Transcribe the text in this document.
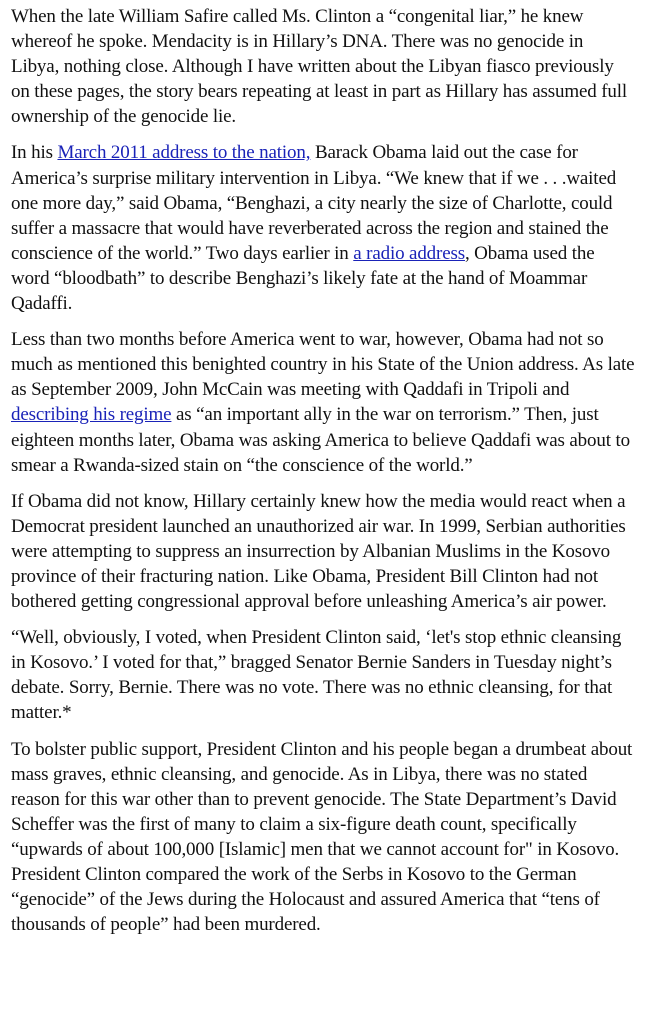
When the late William Safire called Ms. Clinton a “congenital liar,” he knew whereof he spoke. Mendacity is in Hillary’s DNA. There was no genocide in Libya, nothing close. Although I have written about the Libyan fiasco previously on these pages, the story bears repeating at least in part as Hillary has assumed full ownership of the genocide lie.

In his March 2011 address to the nation, Barack Obama laid out the case for America’s surprise military intervention in Libya. “We knew that if we . . .waited one more day,” said Obama, “Benghazi, a city nearly the size of Charlotte, could suffer a massacre that would have reverberated across the region and stained the conscience of the world.” Two days earlier in a radio address, Obama used the word “bloodbath” to describe Benghazi’s likely fate at the hand of Moammar Qadaffi.

Less than two months before America went to war, however, Obama had not so much as mentioned this benighted country in his State of the Union address. As late as September 2009, John McCain was meeting with Qaddafi in Tripoli and describing his regime as “an important ally in the war on terrorism.” Then, just eighteen months later, Obama was asking America to believe Qaddafi was about to smear a Rwanda-sized stain on “the conscience of the world.”

If Obama did not know, Hillary certainly knew how the media would react when a Democrat president launched an unauthorized air war. In 1999, Serbian authorities were attempting to suppress an insurrection by Albanian Muslims in the Kosovo province of their fracturing nation. Like Obama, President Bill Clinton had not bothered getting congressional approval before unleashing America’s air power.

“Well, obviously, I voted, when President Clinton said, ‘let's stop ethnic cleansing in Kosovo.’ I voted for that,” bragged Senator Bernie Sanders in Tuesday night’s debate. Sorry, Bernie. There was no vote. There was no ethnic cleansing, for that matter.*

To bolster public support, President Clinton and his people began a drumbeat about mass graves, ethnic cleansing, and genocide. As in Libya, there was no stated reason for this war other than to prevent genocide. The State Department’s David Scheffer was the first of many to claim a six-figure death count, specifically “upwards of about 100,000 [Islamic] men that we cannot account for" in Kosovo. President Clinton compared the work of the Serbs in Kosovo to the German “genocide” of the Jews during the Holocaust and assured America that “tens of thousands of people” had been murdered.
